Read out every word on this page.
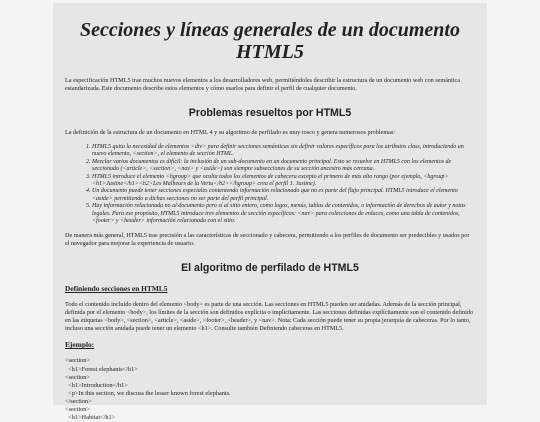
Secciones y líneas generales de un documento
HTML5

La especificación HTML5 trae muchos nuevos elementos a los desarrolladores web, permitiéndoles describir la estructura de un documento web con semántica estandarizada. Este documento describe estos elementos y cómo usarlos para definir el perfil de cualquier documento.

Problemas resueltos por HTML5

La definición de la estructura de un documento en HTML 4 y su algoritmo de perfilado es muy tosco y genera numerosos problemas:

1. HTML5 quita la necesidad de elementos <div> para definir secciones semánticas sin definir valores específicos para los atributos class, introduciendo un nuevo elemento, <section>, el elemento de sección HTML.
2. Mezclar varios documentos es difícil: la inclusión de un sub-documento en un documento principal. Esto se resuelve en HTML5 con los elementos de seccionado (<article>, <section>, <nav> y <aside>) son siempre subsecciones de su sección ancestro más cercana.
3. HTML5 introduce el elemento <hgroup> que oculta todos los elementos de cabecera excepto el primero de más alto rango (por ejemplo, <hgroup> <h1>Justine</h1><h2>Les Malheurs de la Vertu</h2></hgroup> crea el perfil 1. Justine).
4. Un documento puede tener secciones especiales conteniendo información relacionado que no es parte del flujo principal. HTML5 introduce el elemento <aside> permitiendo a dichas secciones no ser parte del perfil principal.
5. Hay información relacionada no al documento pero sí al sitio entero, como logos, menús, tablas de contenidos, o información de derechos de autor y notas legales. Para ese propósito, HTML5 introduce tres elementos de sección específicos: <nav> para colecciones de enlaces, como una tabla de contenidos, <footer> y <header> información relacionada con el sitio.

De manera más general, HTML5 trae precisión a las características de seccionado y cabecera, permitiendo a los perfiles de documento ser predecibles y usados por el navegador para mejorar la experiencia de usuario.

El algoritmo de perfilado de HTML5
Definiendo secciones en HTML5

Todo el contenido incluido dentro del elemento <body> es parte de una sección. Las secciones en HTML5 pueden ser anidadas. Además de la sección principal, definida por el elemento <body>, los límites de la sección son definidos explícita o implícitamente. Las secciones definidas explícitamente son el contenido definido en las etiquetas <body>, <section>, <article>, <aside>, <footer>, <header>, y <nav>. Nota: Cada sección puede tener su propia jerarquía de cabeceras. Por lo tanto, incluso una sección anidada puede tener un elemento <h1>. Consulte también Definiendo cabeceras en HTML5.

Ejemplo:
<section>
<h1>Forest elephants</h1>
<section>
<h1>Introduction</h1>
<p>In this section, we discuss the lesser known forest elephants.
</section>
<section>
<h1>Habitat</h1>
